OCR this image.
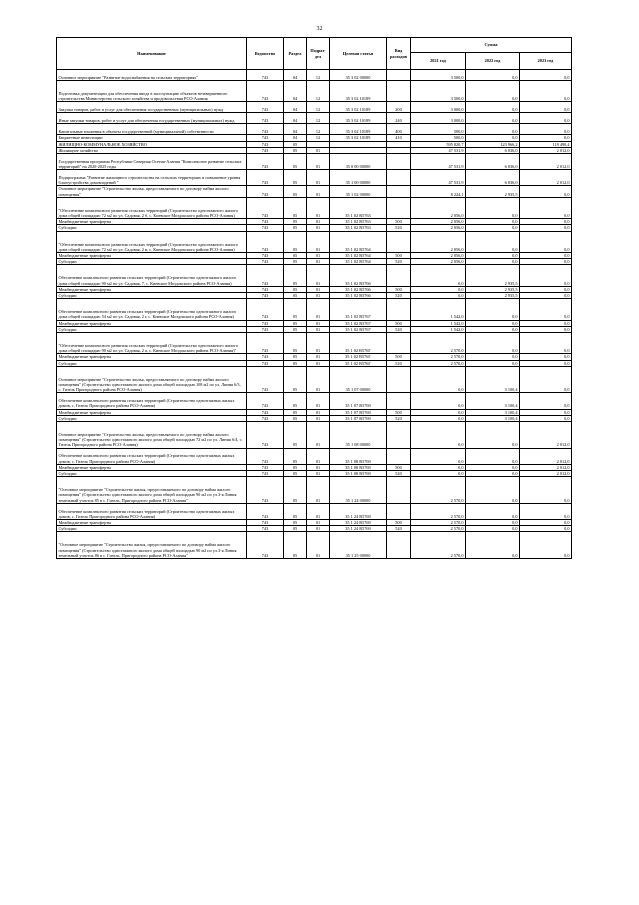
32
Наименование	Ведомство	Раздел	Подраз-дел	Целевая статья	Вид расходов	Сумма		
						2021 год	2022 год	2023 год
Основное мероприятие "Развитие водоснабжения на сельских территориях"	743	04	12	35 3 02 00000		3 500,0	0,0	0,0
Подготовка документации для обеспечения ввода в эксплуатацию объектов незавершенного строительства Министерства сельского хозяйства и продовольствия РСО-Алания	743	04	12	35 3 02 10189		3 500,0	0,0	0,0
Закупка товаров, работ и услуг для обеспечения государственных (муниципальных) нужд	743	04	12	35 3 02 10189	200	3 000,0	0,0	0,0
Иные закупки товаров, работ и услуг для обеспечения государственных (муниципальных) нужд	743	04	12	35 3 02 10189	240	3 000,0	0,0	0,0
Капитальные вложения в объекты государственной (муниципальной) собственности	743	04	12	35 3 02 10189	400	500,0	0,0	0,0
Бюджетные инвестиции	743	04	12	35 3 02 10189	410	500,0	0,0	0,0
ЖИЛИЩНО-КОММУНАЛЬНОЕ ХОЗЯЙСТВО	743	05				595 820,7	123 966,2	118 490,4
Жилищное хозяйство	743	05	01			47 531,9	6 036,0	2 012,0
Государственная программа Республики Северная Осетия-Алания "Комплексное развитие сельских территорий" на 2020-2025 годы	743	05	01	35 0 00 00000		47 531,9	6 036,0	2 012,0
Подпрограмма "Развитие жилищного строительства на сельских территориях и повышение уровня благоустройства домовладений "	743	05	01	35 1 00 00000		47 531,9	6 036,0	2 012,0
Основное мероприятие "Строительство жилья, предоставляемого по договору найма жилого помещения"	743	05	01	35 1 02 00000		8 224,1	2 935,5	0,0
"Обеспечение комплексного развития сельских территорий (Строительство одноэтажного жилого дома общей площадью 72 м2 по ул. Садовая, 2 б, с. Киевское Моздокского района РСО-Алания)	743	05	01	35 1 02 R5763		2 056,0	0,0	0,0
Межбюджетные трансферты	743	05	01	35 1 02 R5763	500	2 056,0	0,0	0,0
Субсидии	743	05	01	35 1 02 R5763	520	2 056,0	0,0	0,0
"Обеспечение комплексного развития сельских территорий (Строительство одноэтажного жилого дома общей площадью 72 м2 по ул. Садовая, 2 в, с. Киевское Моздокского района РСО-Алания)	743	05	01	35 1 02 R5764		2 056,0	0,0	0,0
Межбюджетные трансферты	743	05	01	35 1 02 R5764	500	2 056,0	0,0	0,0
Субсидии	743	05	01	35 1 02 R5764	520	2 056,0	0,0	0,0
Обеспечение комплексного развития сельских территорий (Строительство одноэтажного жилого дома общей площадью 90 м2 по ул. Садовая, 7, с. Киевское Моздокского района РСО-Алания)	743	05	01	35 1 02 R5766		0,0	2 935,5	0,0
Межбюджетные трансферты	743	05	01	35 1 02 R5766	500	0,0	2 935,5	0,0
Субсидии	743	05	01	35 1 02 R5766	520	0,0	2 935,5	0,0
Обеспечение комплексного развития сельских территорий (Строительство одноэтажного жилого дома общей площадью 54 м2 по ул. Садовая, 2 г, с. Киевское Моздокского района РСО-Алания)	743	05	01	35 1 02 R5767		1 542,0	0,0	0,0
Межбюджетные трансферты	743	05	01	35 1 02 R5767	500	1 542,0	0,0	0,0
Субсидии	743	05	01	35 1 02 R5767	520	1 542,0	0,0	0,0
"Обеспечение комплексного развития сельских территорий (Строительство одноэтажного жилого дома общей площадью 90 м2 по ул. Садовая, 2 а, с. Киевское Моздокского района РСО-Алания)"	743	05	01	35 1 02 R576Г		2 570,0	0,0	0,0
Межбюджетные трансферты	743	05	01	35 1 02 R576Г	500	2 570,0	0,0	0,0
Субсидии	743	05	01	35 1 02 R576Г	520	2 570,0	0,0	0,0
Основное мероприятие "Строительство жилья, предоставляемого по договору найма жилого помещения" (Строительство одноэтажного жилого дома общей площадью 108 м2 по ул. Линия 6/3, с. Гизель Пригородного района РСО-Алания)	743	05	01	35 1 07 00000		0,0	3 100,4	0,0
Обеспечение комплексного развития сельских территорий (Строительство одноэтажных жилых домов, с. Гизель Пригородного района РСО-Алания)	743	05	01	35 1 07 R5769		0,0	3 100,4	0,0
Межбюджетные трансферты	743	05	01	35 1 07 R5769	500	0,0	3 100,4	0,0
Субсидии	743	05	01	35 1 07 R5769	520	0,0	3 100,4	0,0
Основное мероприятие "Строительство жилья, предоставляемого по договору найма жилого помещения" (Строительство одноэтажного жилого дома общей площадью 72 м2 по ул. Линия 6/4, с. Гизель Пригородного района РСО-Алания)	743	05	01	35 1 08 00000		0,0	0,0	2 012,0
Обеспечение комплексного развития сельских территорий (Строительство одноэтажных жилых домов, с. Гизель Пригородного района РСО-Алания)	743	05	01	35 1 08 R5769		0,0	0,0	2 012,0
Межбюджетные трансферты	743	05	01	35 1 08 R5769	500	0,0	0,0	2 012,0
Субсидии	743	05	01	35 1 08 R5769	520	0,0	0,0	2 012,0
"Основное мероприятие "Строительство жилья, предоставляемого по договору найма жилого помещения" (Строительство одноэтажного жилого дома общей площадью 90 м2 по ул.3-я Линия земельный участок 85 в с. Гизель, Пригородного района РСО-Алания"	743	05	01	35 1 24 00000		2 570,0	0,0	0,0
Обеспечение комплексного развития сельских территорий (Строительство одноэтажных жилых домов, с. Гизель Пригородного района РСО-Алания)	743	05	01	35 1 24 R5769		2 570,0	0,0	0,0
Межбюджетные трансферты	743	05	01	35 1 24 R5769	500	2 570,0	0,0	0,0
Субсидии	743	05	01	35 1 24 R5769	520	2 570,0	0,0	0,0
"Основное мероприятие "Строительство жилья, предоставляемого по договору найма жилого помещения" (Строительство одноэтажного жилого дома общей площадью 90 м2 по ул.3-я Линия земельный участок 86 в с. Гизель, Пригородного района РСО-Алания"	743	05	01	35 1 25 00000		2 570,0	0,0	0,0
